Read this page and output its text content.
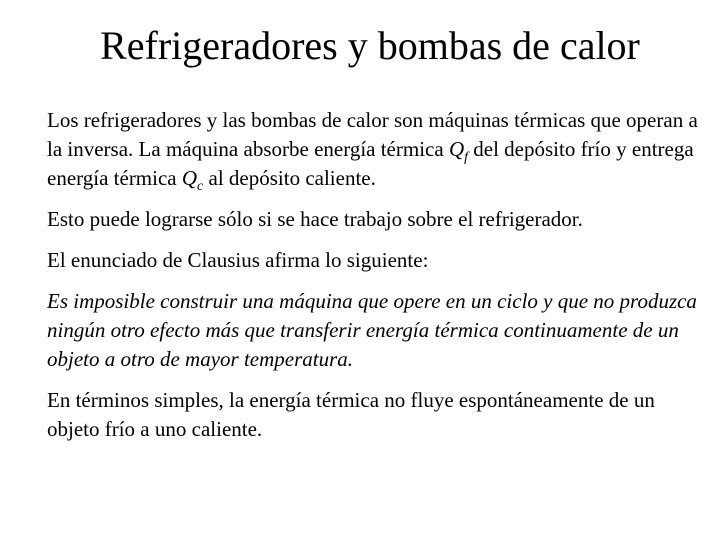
Refrigeradores y bombas de calor

Los refrigeradores y las bombas de calor son máquinas térmicas que operan a la inversa. La máquina absorbe energía térmica $Q_f$ del depósito frío y entrega energía térmica $Q_c$ al depósito caliente.

Esto puede lograrse sólo si se hace trabajo sobre el refrigerador.

El enunciado de Clausius afirma lo siguiente:

Es imposible construir una máquina que opere en un ciclo y que no produzca ningún otro efecto más que transferir energía térmica continuamente de un objeto a otro de mayor temperatura.

En términos simples, la energía térmica no fluye espontáneamente de un objeto frío a uno caliente.
